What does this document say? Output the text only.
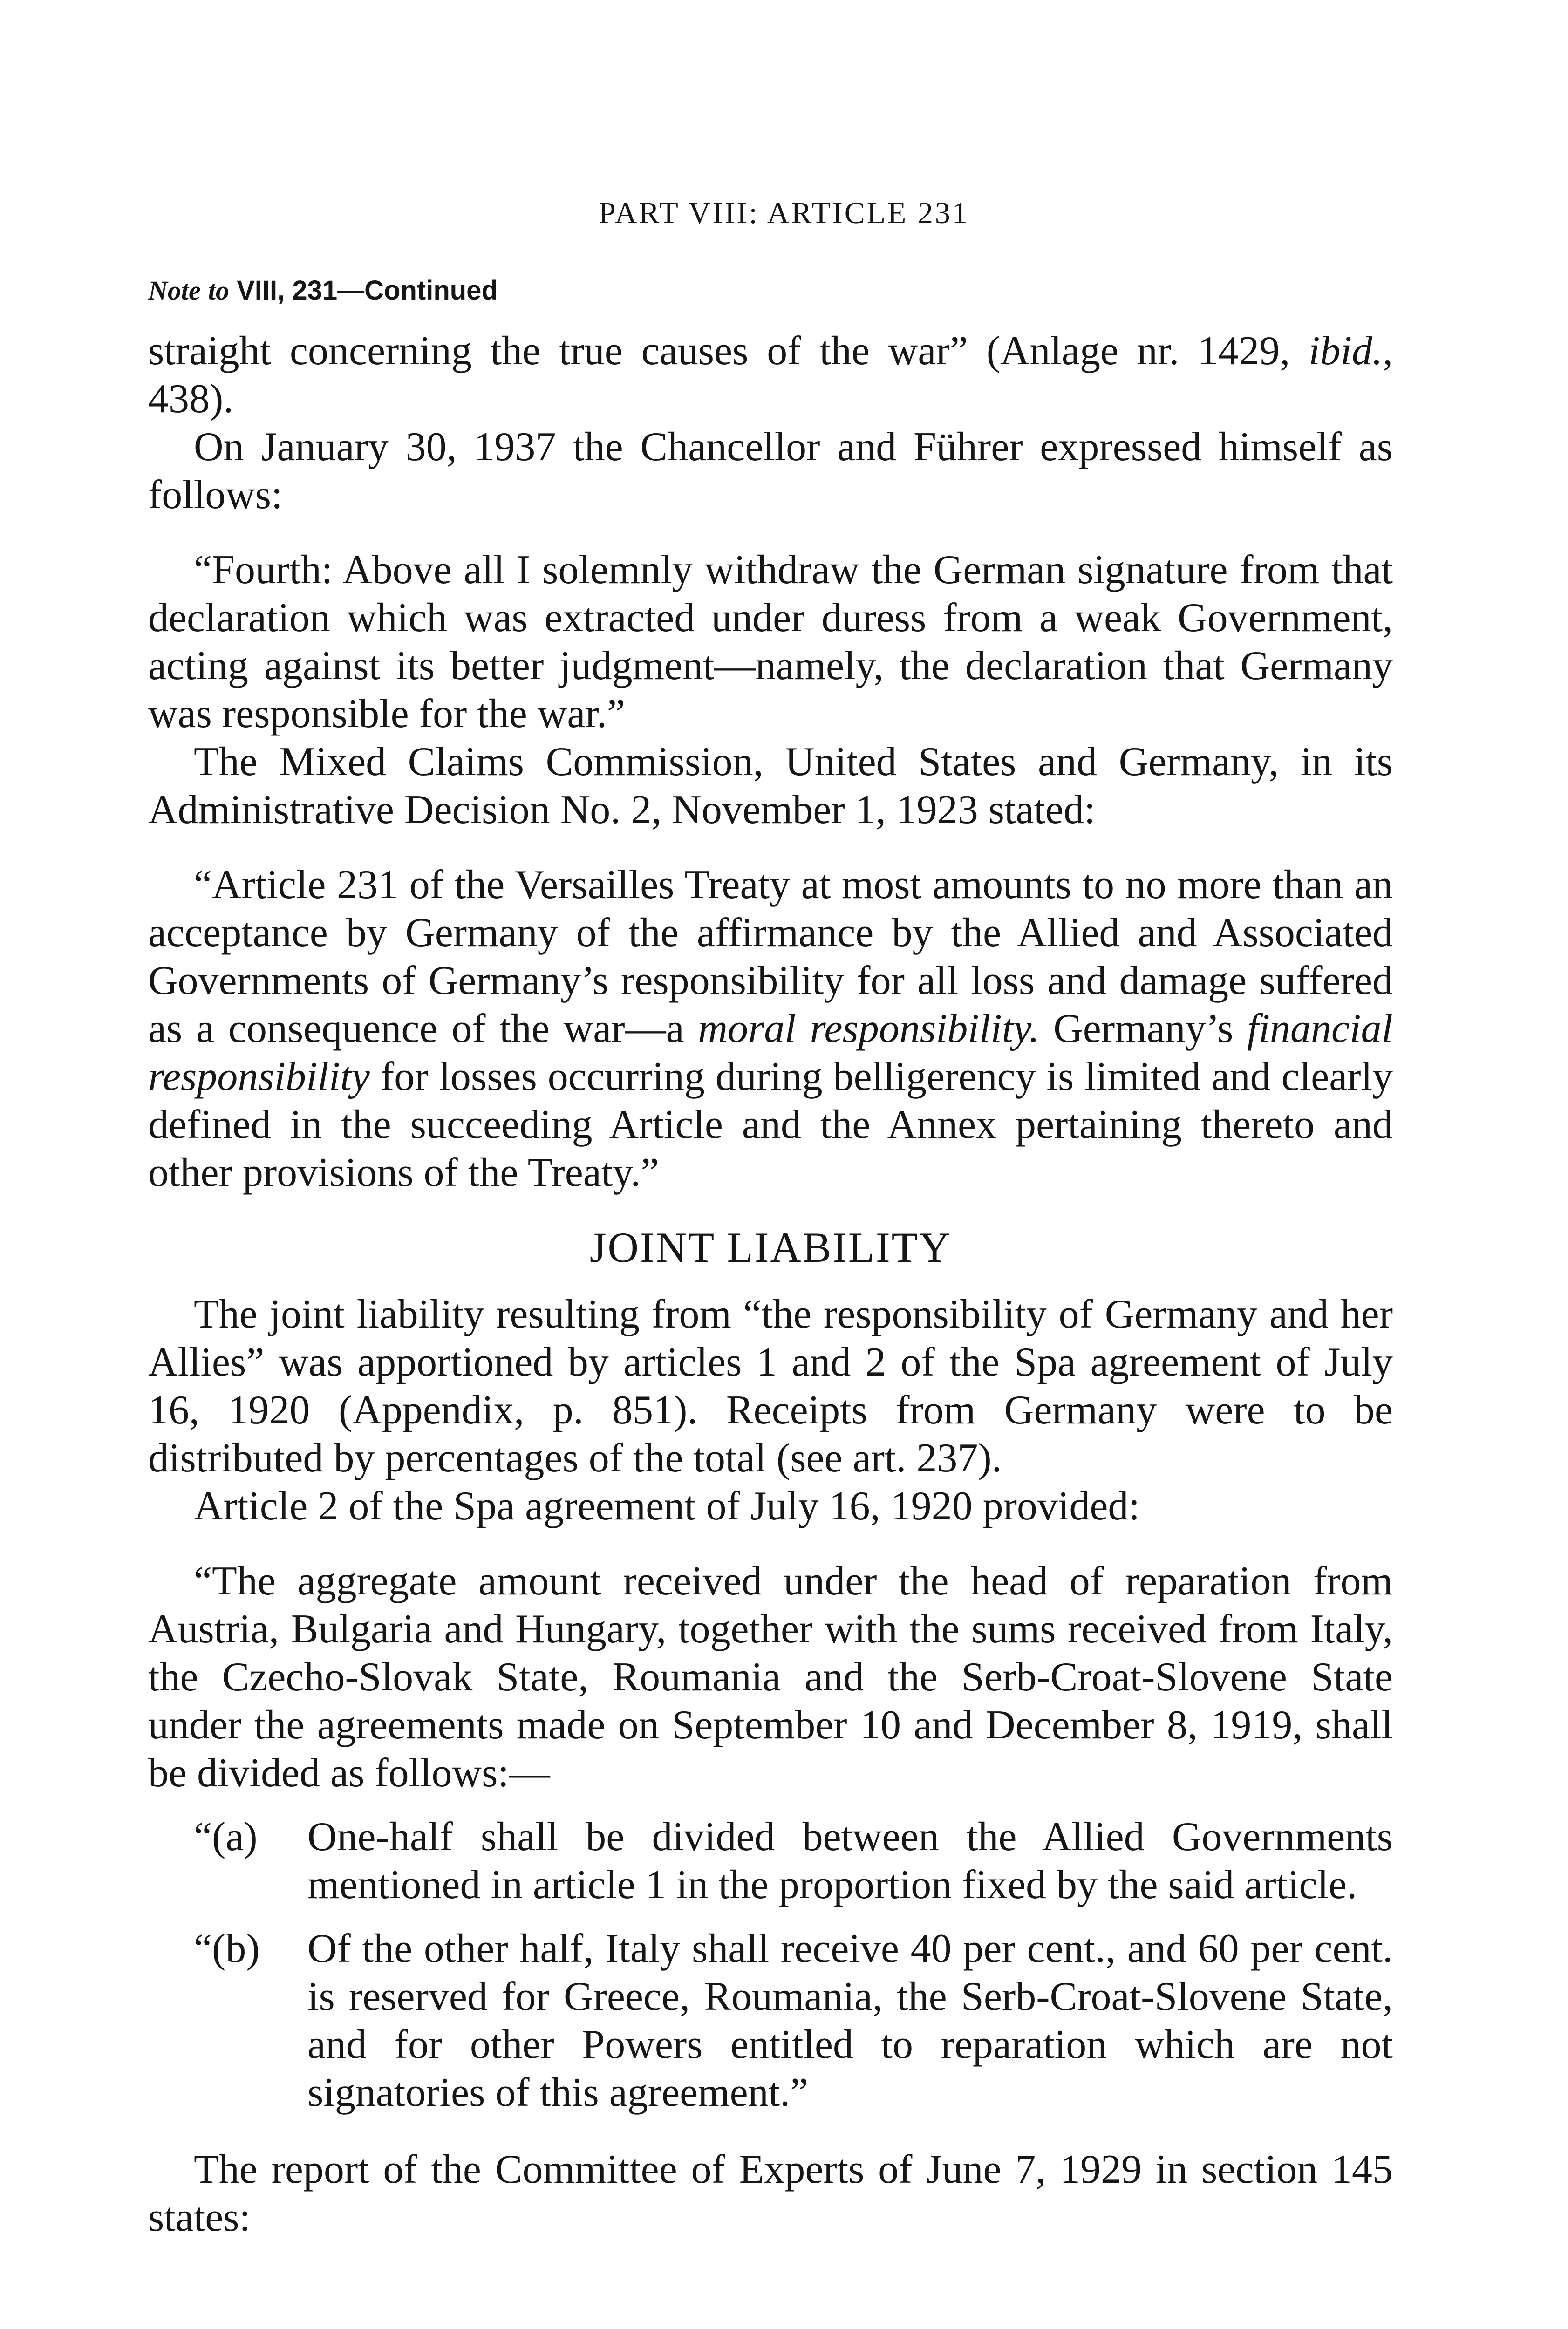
PART VIII: ARTICLE 231
Note to VIII, 231—Continued

straight concerning the true causes of the war” (Anlage nr. 1429, ibid., 438).

On January 30, 1937 the Chancellor and Führer expressed himself as follows:

“Fourth: Above all I solemnly withdraw the German signature from that declaration which was extracted under duress from a weak Government, acting against its better judgment—namely, the declaration that Germany was responsible for the war.”

The Mixed Claims Commission, United States and Germany, in its Administrative Decision No. 2, November 1, 1923 stated:

“Article 231 of the Versailles Treaty at most amounts to no more than an acceptance by Germany of the affirmance by the Allied and Associated Governments of Germany’s responsibility for all loss and damage suffered as a consequence of the war—a moral responsibility. Germany’s financial responsibility for losses occurring during belligerency is limited and clearly defined in the succeeding Article and the Annex pertaining thereto and other provisions of the Treaty.”

JOINT LIABILITY

The joint liability resulting from “the responsibility of Germany and her Allies” was apportioned by articles 1 and 2 of the Spa agreement of July 16, 1920 (Appendix, p. 851). Receipts from Germany were to be distributed by percentages of the total (see art. 237).

Article 2 of the Spa agreement of July 16, 1920 provided:

“The aggregate amount received under the head of reparation from Austria, Bulgaria and Hungary, together with the sums received from Italy, the Czecho-Slovak State, Roumania and the Serb-Croat-Slovene State under the agreements made on September 10 and December 8, 1919, shall be divided as follows:—

“(a) One-half shall be divided between the Allied Governments mentioned in article 1 in the proportion fixed by the said article.

“(b) Of the other half, Italy shall receive 40 per cent., and 60 per cent. is reserved for Greece, Roumania, the Serb-Croat-Slovene State, and for other Powers entitled to reparation which are not signatories of this agreement.”

The report of the Committee of Experts of June 7, 1929 in section 145 states:
